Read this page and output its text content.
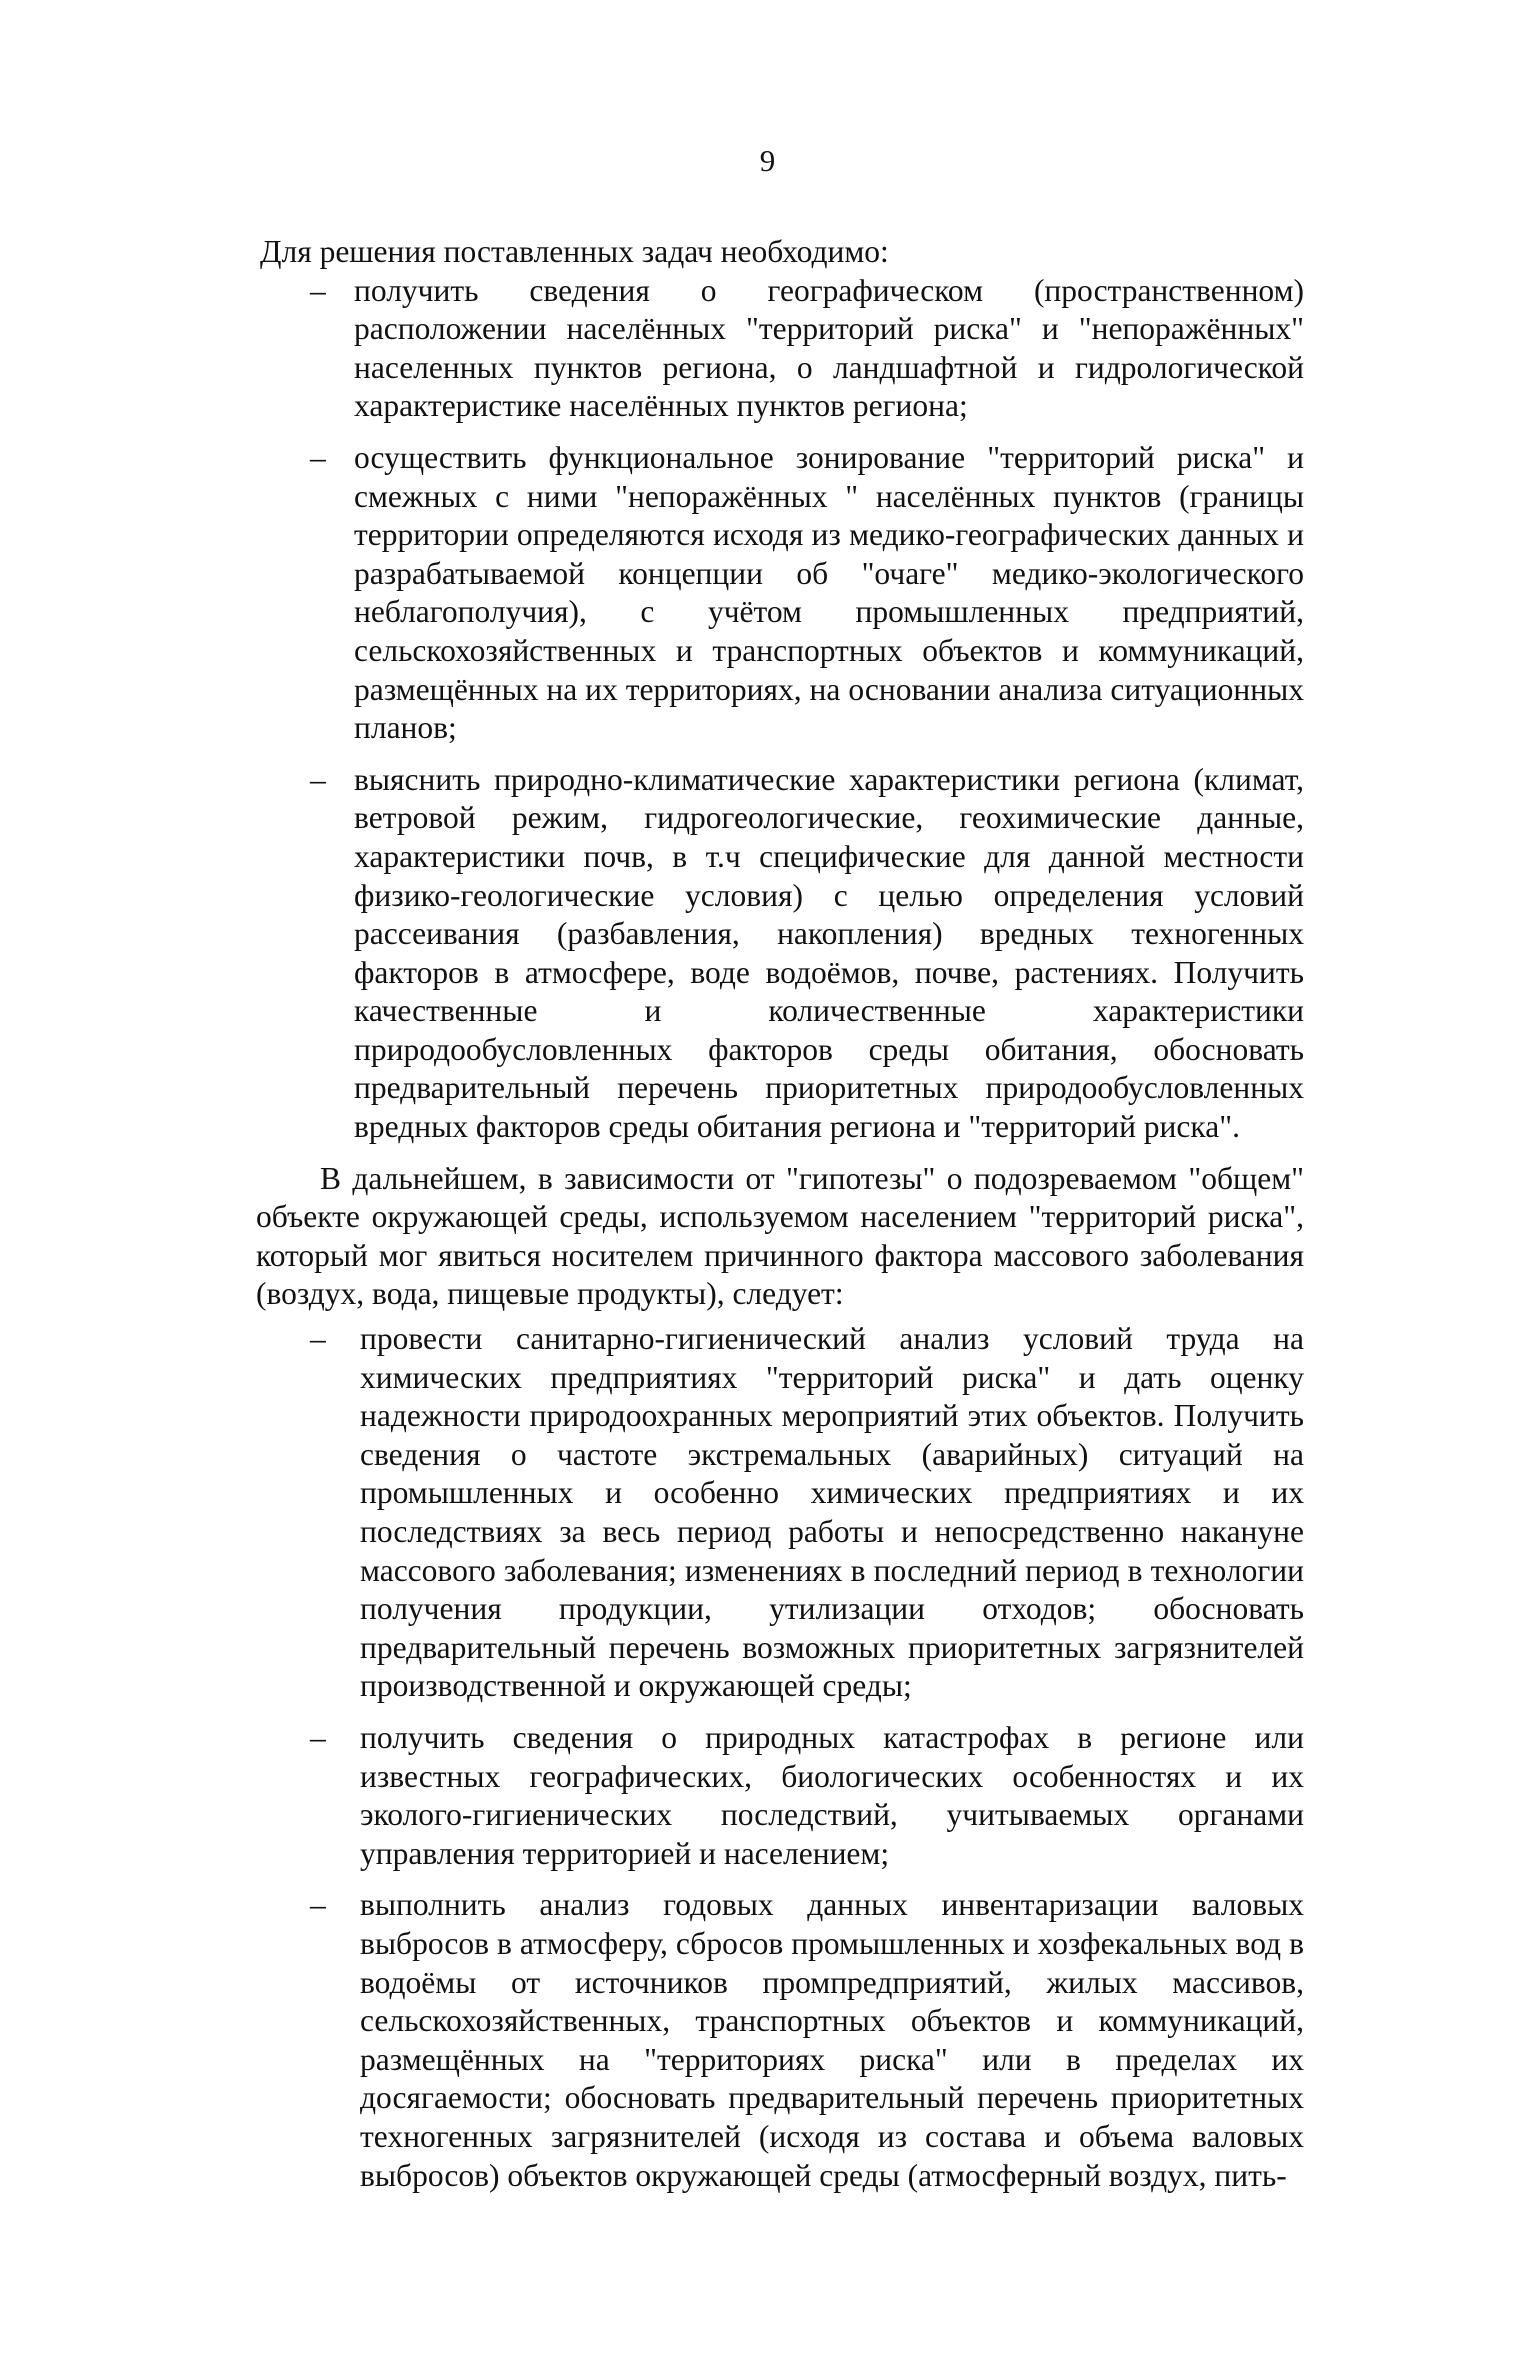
9

Для решения поставленных задач необходимо:

– получить сведения о географическом (пространственном) расположении населённых "территорий риска" и "непоражённых" населенных пунктов региона, о ландшафтной и гидрологической характеристике населённых пунктов региона;
– осуществить функциональное зонирование "территорий риска" и смежных с ними "непоражённых " населённых пунктов (границы территории определяются исходя из медико-географических данных и разрабатываемой концепции об "очаге" медико-экологического неблагополучия), с учётом промышленных предприятий, сельскохозяйственных и транспортных объектов и коммуникаций, размещённых на их территориях, на основании анализа ситуационных планов;
– выяснить природно-климатические характеристики региона (климат, ветровой режим, гидрогеологические, геохимические данные, характеристики почв, в т.ч специфические для данной местности физико-геологические условия) с целью определения условий рассеивания (разбавления, накопления) вредных техногенных факторов в атмосфере, воде водоёмов, почве, растениях. Получить качественные и количественные характеристики природообусловленных факторов среды обитания, обосновать предварительный перечень приоритетных природообусловленных вредных факторов среды обитания региона и "территорий риска".

В дальнейшем, в зависимости от "гипотезы" о подозреваемом "общем" объекте окружающей среды, используемом населением "территорий риска", который мог явиться носителем причинного фактора массового заболевания (воздух, вода, пищевые продукты), следует:

– провести санитарно-гигиенический анализ условий труда на химических предприятиях "территорий риска" и дать оценку надежности природоохранных мероприятий этих объектов. Получить сведения о частоте экстремальных (аварийных) ситуаций на промышленных и особенно химических предприятиях и их последствиях за весь период работы и непосредственно накануне массового заболевания; изменениях в последний период в технологии получения продукции, утилизации отходов; обосновать предварительный перечень возможных приоритетных загрязнителей производственной и окружающей среды;
– получить сведения о природных катастрофах в регионе или известных географических, биологических особенностях и их эколого-гигиенических последствий, учитываемых органами управления территорией и населением;
– выполнить анализ годовых данных инвентаризации валовых выбросов в атмосферу, сбросов промышленных и хозфекальных вод в водоёмы от источников промпредприятий, жилых массивов, сельскохозяйственных, транспортных объектов и коммуникаций, размещённых на "территориях риска" или в пределах их досягаемости; обосновать предварительный перечень приоритетных техногенных загрязнителей (исходя из состава и объема валовых выбросов) объектов окружающей среды (атмосферный воздух, пить-
